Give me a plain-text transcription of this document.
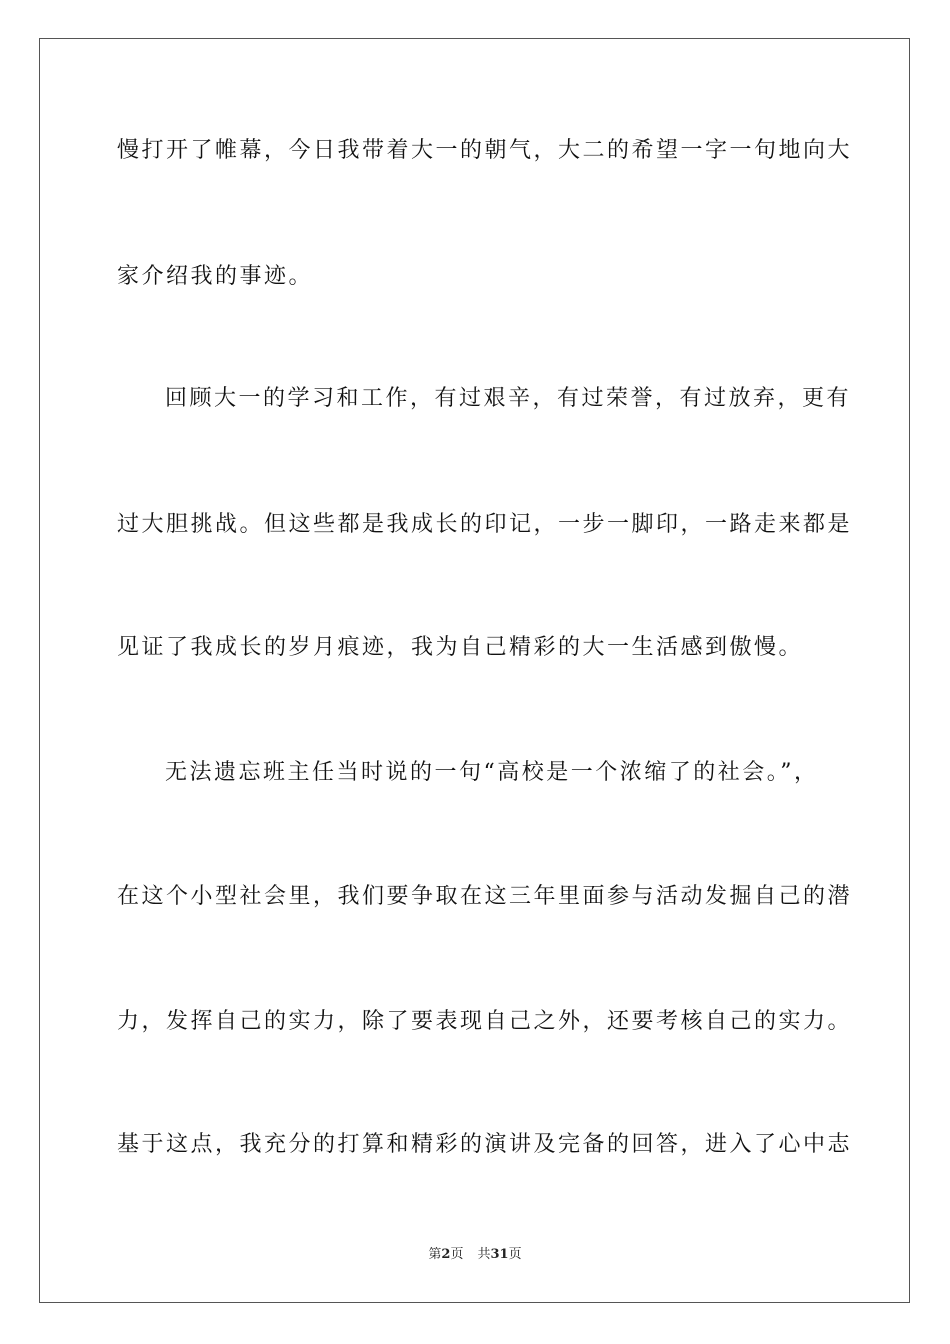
慢打开了帷幕，今日我带着大一的朝气，大二的希望一字一句地向大
家介绍我的事迹。
回顾大一的学习和工作，有过艰辛，有过荣誉，有过放弃，更有
过大胆挑战。但这些都是我成长的印记，一步一脚印，一路走来都是
见证了我成长的岁月痕迹，我为自己精彩的大一生活感到傲慢。
无法遗忘班主任当时说的一句“高校是一个浓缩了的社会。”，
在这个小型社会里，我们要争取在这三年里面参与活动发掘自己的潜
力，发挥自己的实力，除了要表现自己之外，还要考核自己的实力。
基于这点，我充分的打算和精彩的演讲及完备的回答，进入了心中志
第2页 共31页
